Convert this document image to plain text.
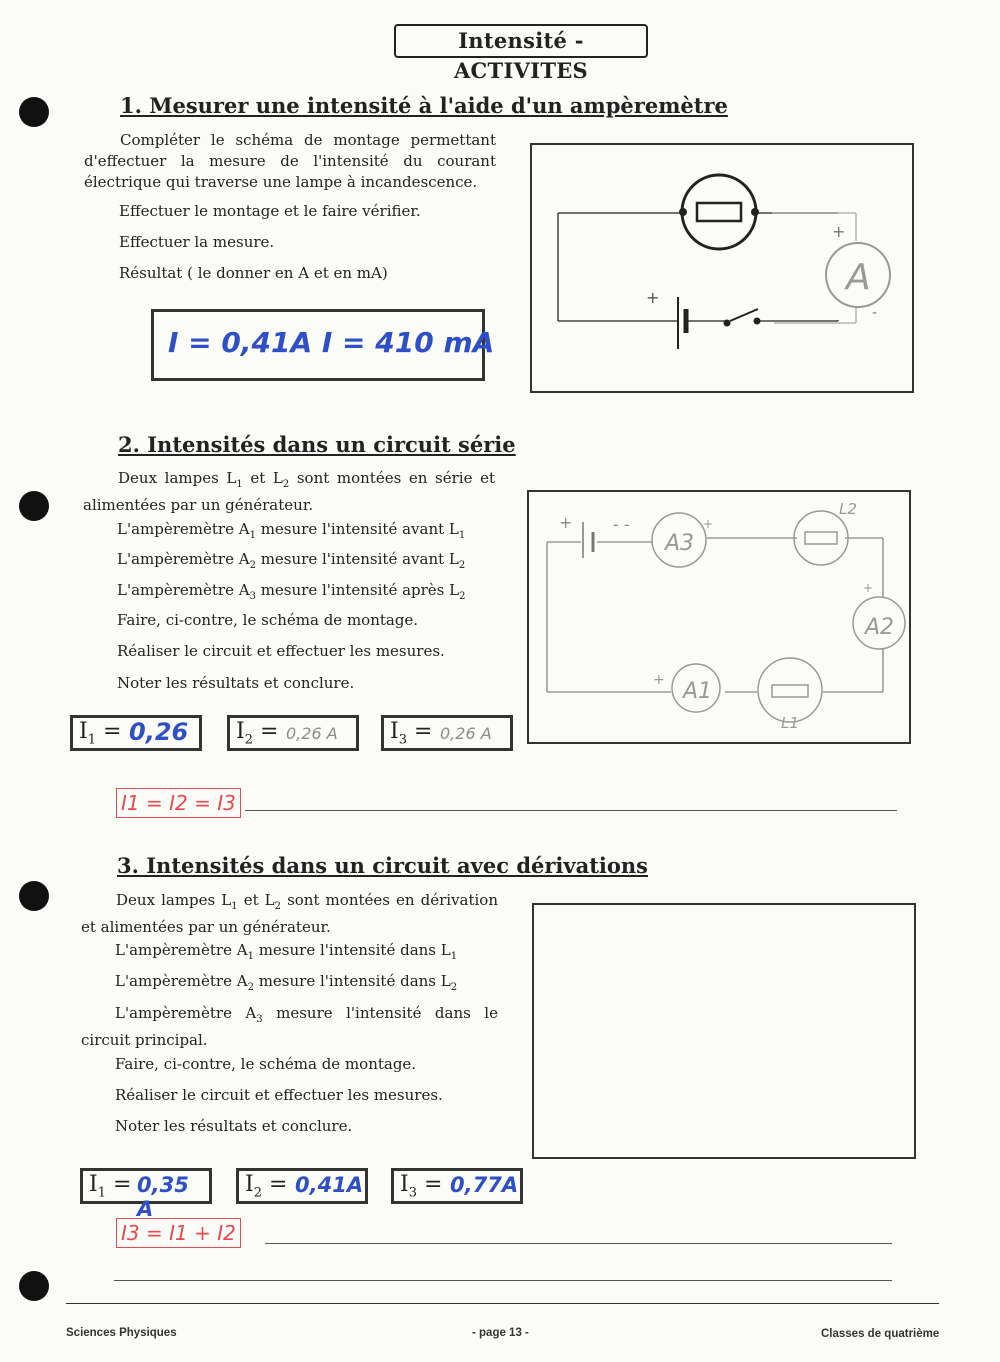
Intensité - ACTIVITES
1. Mesurer une intensité à l'aide d'un ampèremètre
Compléter le schéma de montage permettant d'effectuer la mesure de l'intensité du courant électrique qui traverse une lampe à incandescence.
Effectuer le montage et le faire vérifier.
Effectuer la mesure.
Résultat ( le donner en A et en mA)
I = 0,41A I = 410 mA
A
+
+
-
2. Intensités dans un circuit série
Deux lampes $L_1$ et $L_2$ sont montées en série et alimentées par un générateur.
L'ampèremètre $A_1$ mesure l'intensité avant $L_1$
L'ampèremètre $A_2$ mesure l'intensité avant $L_2$
L'ampèremètre $A_3$ mesure l'intensité après $L_2$
Faire, ci-contre, le schéma de montage.
Réaliser le circuit et effectuer les mesures.
Noter les résultats et conclure.
+	- -
A3
+
L2
A2
+
A1
+
L1
$I_1 = 0,26$ $I_2 = 0,26$ A $I_3 = 0,26$ A
I1 = I2 = I3
3. Intensités dans un circuit avec dérivations
Deux lampes $L_1$ et $L_2$ sont montées en dérivation et alimentées par un générateur.
L'ampèremètre $A_1$ mesure l'intensité dans $L_1$
L'ampèremètre $A_2$ mesure l'intensité dans $L_2$
L'ampèremètre $A_3$ mesure l'intensité dans le circuit principal.
Faire, ci-contre, le schéma de montage.
Réaliser le circuit et effectuer les mesures.
Noter les résultats et conclure.
$I_1 = 0,35$ A
$I_2 = 0,41A$ $I_3 = 0,77A$
I3 = I1 + I2
Sciences Physiques	- page 13 -	Classes de quatrième
